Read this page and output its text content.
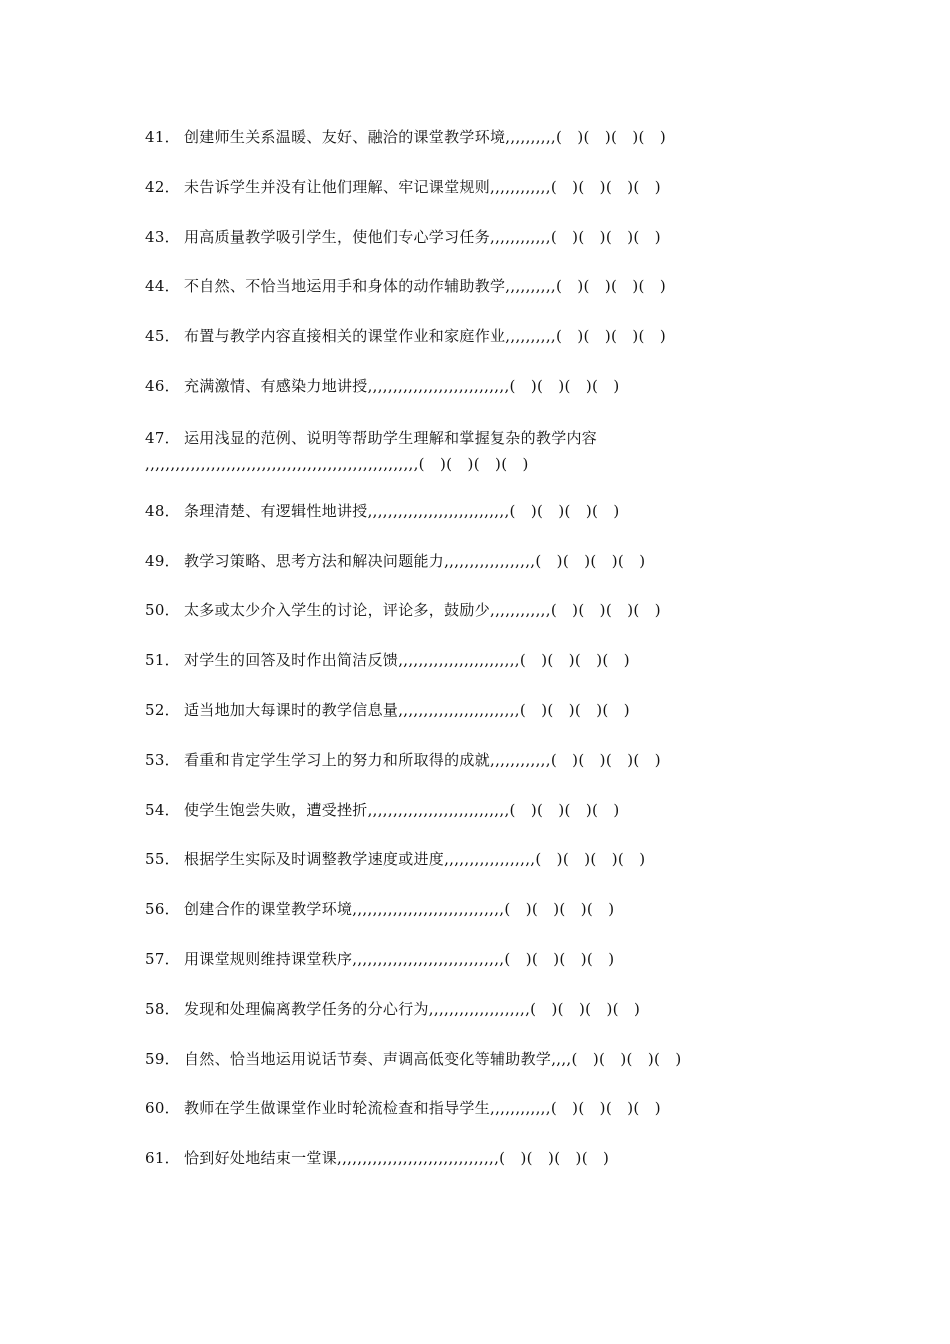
41． 创建师生关系温暖、友好、融洽的课堂教学环境,,,,,,,,,,(   )(   )(   )(   )
42． 未告诉学生并没有让他们理解、牢记课堂规则,,,,,,,,,,,,(   )(   )(   )(   )
43． 用高质量教学吸引学生，使他们专心学习任务,,,,,,,,,,,,(   )(   )(   )(   )
44． 不自然、不恰当地运用手和身体的动作辅助教学,,,,,,,,,,(   )(   )(   )(   )
45． 布置与教学内容直接相关的课堂作业和家庭作业,,,,,,,,,,(   )(   )(   )(   )
46． 充满激情、有感染力地讲授,,,,,,,,,,,,,,,,,,,,,,,,,,,,(   )(   )(   )(   )
47． 运用浅显的范例、说明等帮助学生理解和掌握复杂的教学内容
,,,,,,,,,,,,,,,,,,,,,,,,,,,,,,,,,,,,,,,,,,,,,,,,,,,,,,(   )(   )(   )(   )
48． 条理清楚、有逻辑性地讲授,,,,,,,,,,,,,,,,,,,,,,,,,,,,(   )(   )(   )(   )
49． 教学习策略、思考方法和解决问题能力,,,,,,,,,,,,,,,,,,(   )(   )(   )(   )
50． 太多或太少介入学生的讨论，评论多，鼓励少,,,,,,,,,,,,(   )(   )(   )(   )
51． 对学生的回答及时作出简洁反馈,,,,,,,,,,,,,,,,,,,,,,,,(   )(   )(   )(   )
52． 适当地加大每课时的教学信息量,,,,,,,,,,,,,,,,,,,,,,,,(   )(   )(   )(   )
53． 看重和肯定学生学习上的努力和所取得的成就,,,,,,,,,,,,(   )(   )(   )(   )
54． 使学生饱尝失败，遭受挫折,,,,,,,,,,,,,,,,,,,,,,,,,,,,(   )(   )(   )(   )
55． 根据学生实际及时调整教学速度或进度,,,,,,,,,,,,,,,,,,(   )(   )(   )(   )
56． 创建合作的课堂教学环境,,,,,,,,,,,,,,,,,,,,,,,,,,,,,,(   )(   )(   )(   )
57． 用课堂规则维持课堂秩序,,,,,,,,,,,,,,,,,,,,,,,,,,,,,,(   )(   )(   )(   )
58． 发现和处理偏离教学任务的分心行为,,,,,,,,,,,,,,,,,,,,(   )(   )(   )(   )
59． 自然、恰当地运用说话节奏、声调高低变化等辅助教学,,,,(   )(   )(   )(   )
60． 教师在学生做课堂作业时轮流检查和指导学生,,,,,,,,,,,,(   )(   )(   )(   )
61． 恰到好处地结束一堂课,,,,,,,,,,,,,,,,,,,,,,,,,,,,,,,,(   )(   )(   )(   )
